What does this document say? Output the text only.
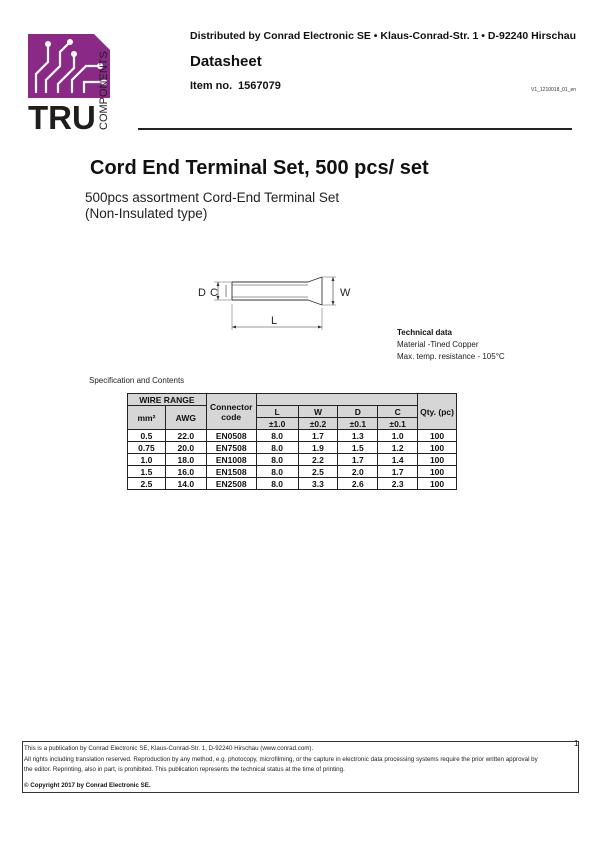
TRU COMPONENTS
Distributed by Conrad Electronic SE • Klaus-Conrad-Str. 1 • D-92240 Hirschau
Datasheet
Item no. 1567079	V1_1210018_01_en
Cord End Terminal Set, 500 pcs/ set
500pcs assortment Cord-End Terminal Set
(Non-Insulated type)
D C	W
L
Technical data
Material -Tined Copper
Max. temp. resistance - 105°C
Specification and Contents
WIRE RANGE		Connector code					Qty. (pc)
mm²	AWG		L	W	D	C	
			±1.0	±0.2	±0.1	±0.1	
0.5	22.0	EN0508	8.0	1.7	1.3	1.0	100
0.75	20.0	EN7508	8.0	1.9	1.5	1.2	100
1.0	18.0	EN1008	8.0	2.2	1.7	1.4	100
1.5	16.0	EN1508	8.0	2.5	2.0	1.7	100
2.5	14.0	EN2508	8.0	3.3	2.6	2.3	100
1
This is a publication by Conrad Electronic SE, Klaus-Conrad-Str. 1, D-92240 Hirschau (www.conrad.com).
All rights including translation reserved. Reproduction by any method, e.g. photocopy, microfilming, or the capture in electronic data processing systems require the prior written approval by
the editor. Reprinting, also in part, is prohibited. This publication represents the technical status at the time of printing.
© Copyright 2017 by Conrad Electronic SE.
